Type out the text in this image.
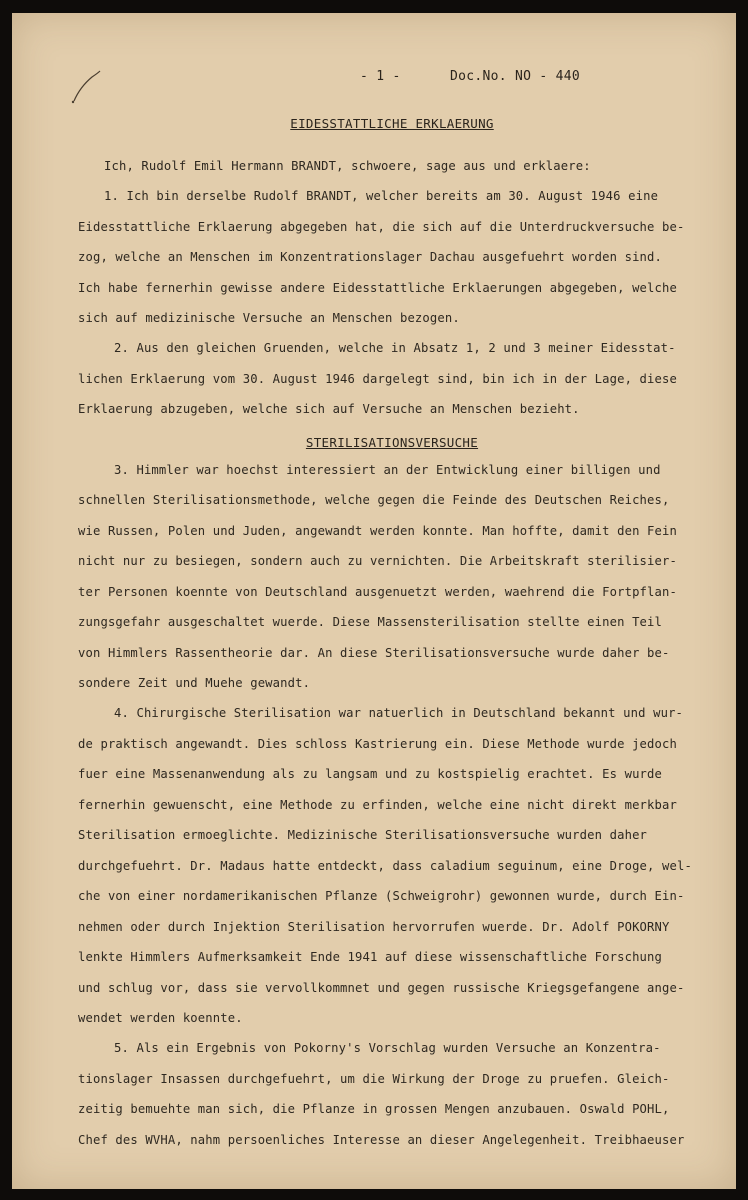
- 1 -	Doc.No. NO - 440
EIDESSTATTLICHE ERKLAERUNG
Ich, Rudolf Emil Hermann BRANDT, schwoere, sage aus und erklaere:
1. Ich bin derselbe Rudolf BRANDT, welcher bereits am 30. August 1946 eine
Eidesstattliche Erklaerung abgegeben hat, die sich auf die Unterdruckversuche be-
zog, welche an Menschen im Konzentrationslager Dachau ausgefuehrt worden sind.
Ich habe fernerhin gewisse andere Eidesstattliche Erklaerungen abgegeben, welche
sich auf medizinische Versuche an Menschen bezogen.
2. Aus den gleichen Gruenden, welche in Absatz 1, 2 und 3 meiner Eidesstat-
lichen Erklaerung vom 30. August 1946 dargelegt sind, bin ich in der Lage, diese
Erklaerung abzugeben, welche sich auf Versuche an Menschen bezieht.
STERILISATIONSVERSUCHE
3. Himmler war hoechst interessiert an der Entwicklung einer billigen und
schnellen Sterilisationsmethode, welche gegen die Feinde des Deutschen Reiches,
wie Russen, Polen und Juden, angewandt werden konnte. Man hoffte, damit den Fein
nicht nur zu besiegen, sondern auch zu vernichten. Die Arbeitskraft sterilisier-
ter Personen koennte von Deutschland ausgenuetzt werden, waehrend die Fortpflan-
zungsgefahr ausgeschaltet wuerde. Diese Massensterilisation stellte einen Teil
von Himmlers Rassentheorie dar. An diese Sterilisationsversuche wurde daher be-
sondere Zeit und Muehe gewandt.
4. Chirurgische Sterilisation war natuerlich in Deutschland bekannt und wur-
de praktisch angewandt. Dies schloss Kastrierung ein. Diese Methode wurde jedoch
fuer eine Massenanwendung als zu langsam und zu kostspielig erachtet. Es wurde
fernerhin gewuenscht, eine Methode zu erfinden, welche eine nicht direkt merkbar
Sterilisation ermoeglichte. Medizinische Sterilisationsversuche wurden daher
durchgefuehrt. Dr. Madaus hatte entdeckt, dass caladium seguinum, eine Droge, wel-
che von einer nordamerikanischen Pflanze (Schweigrohr) gewonnen wurde, durch Ein-
nehmen oder durch Injektion Sterilisation hervorrufen wuerde. Dr. Adolf POKORNY
lenkte Himmlers Aufmerksamkeit Ende 1941 auf diese wissenschaftliche Forschung
und schlug vor, dass sie vervollkommnet und gegen russische Kriegsgefangene ange-
wendet werden koennte.
5. Als ein Ergebnis von Pokorny's Vorschlag wurden Versuche an Konzentra-
tionslager Insassen durchgefuehrt, um die Wirkung der Droge zu pruefen. Gleich-
zeitig bemuehte man sich, die Pflanze in grossen Mengen anzubauen. Oswald POHL,
Chef des WVHA, nahm persoenliches Interesse an dieser Angelegenheit. Treibhaeuser
